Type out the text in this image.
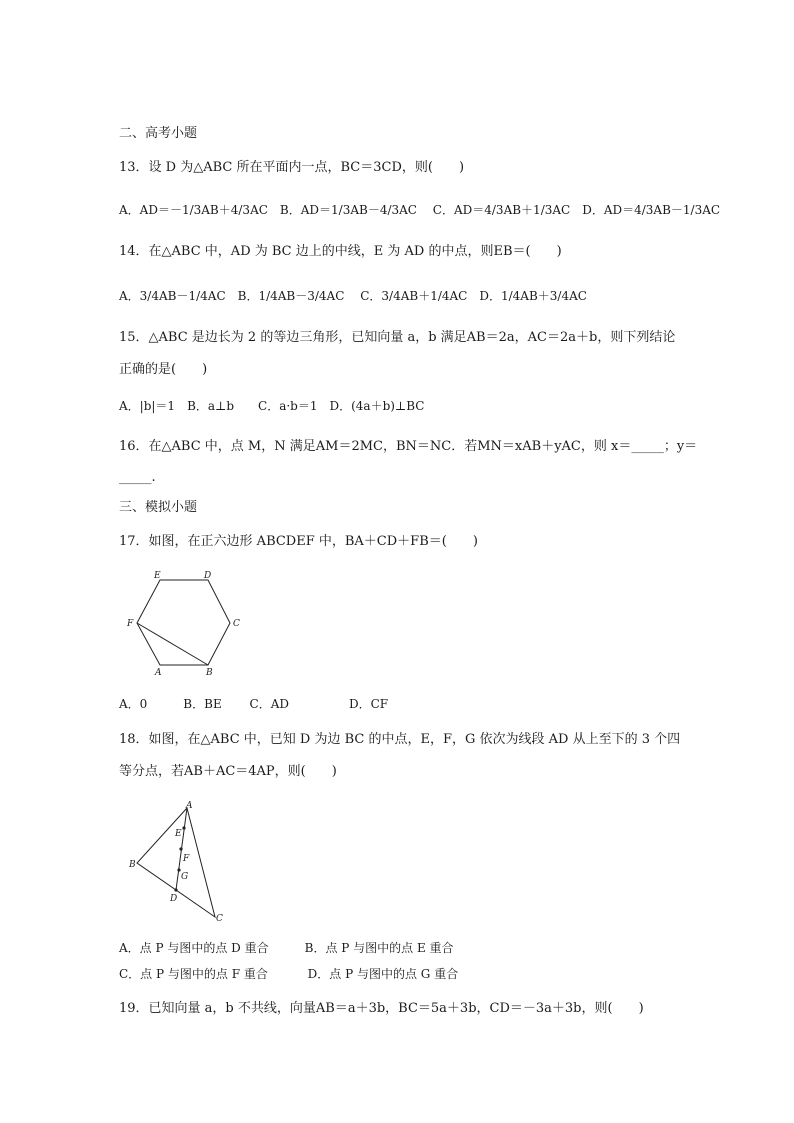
二、高考小题
13．设 D 为△ABC 所在平面内一点，BC＝3CD，则(　　)
A．AD＝－1/3AB＋4/3AC　B．AD＝1/3AB－4/3AC　 C．AD＝4/3AB＋1/3AC　D．AD＝4/3AB－1/3AC
14．在△ABC 中，AD 为 BC 边上的中线，E 为 AD 的中点，则EB＝(　　)
A．3/4AB－1/4AC　B．1/4AB－3/4AC　 C．3/4AB＋1/4AC　D．1/4AB＋3/4AC
15．△ABC 是边长为 2 的等边三角形，已知向量 a，b 满足AB＝2a，AC＝2a＋b，则下列结论
正确的是(　　)
A．|b|＝1　B．a⊥b　　C．a·b＝1　D．(4a＋b)⊥BC
16．在△ABC 中，点 M，N 满足AM＝2MC，BN＝NC．若MN＝xAB＋yAC，则 x＝_____；y＝
_____.
三、模拟小题
17．如图，在正六边形 ABCDEF 中，BA＋CD＋FB＝(　　)
E	D
C
F
A	B
A．0　　　B．BE　　 C．AD　　　　　D．CF
18．如图，在△ABC 中，已知 D 为边 BC 的中点，E，F，G 依次为线段 AD 从上至下的 3 个四
等分点，若AB＋AC＝4AP，则(　　)
A
B
C
D
E
F
G
A．点 P 与图中的点 D 重合　　　B．点 P 与图中的点 E 重合
C．点 P 与图中的点 F 重合　　　 D．点 P 与图中的点 G 重合
19．已知向量 a，b 不共线，向量AB＝a＋3b，BC＝5a＋3b，CD＝－3a＋3b，则(　　)
